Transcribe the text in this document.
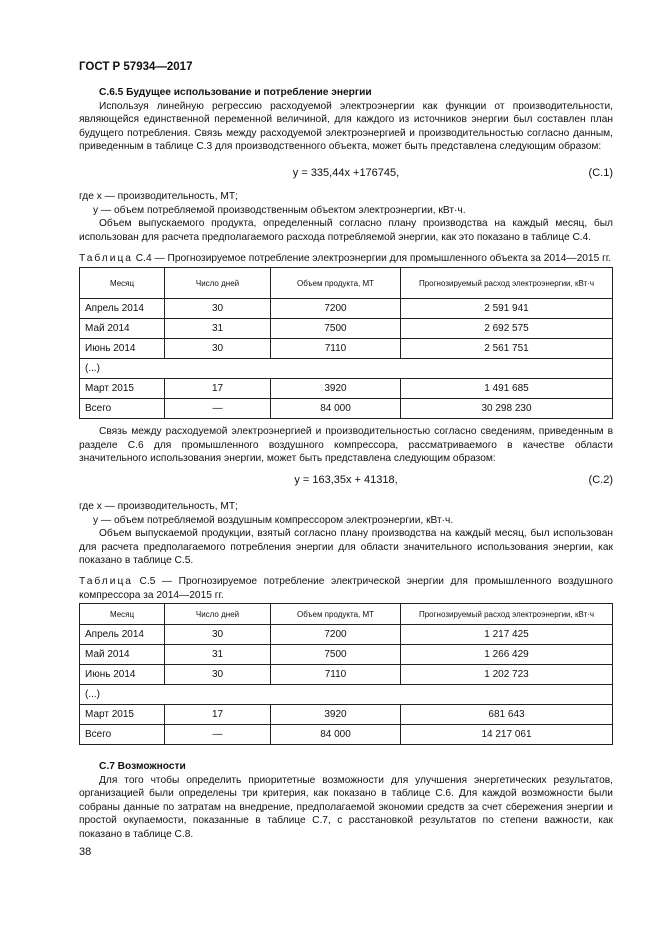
ГОСТ Р 57934—2017
С.6.5 Будущее использование и потребление энергии
Используя линейную регрессию расходуемой электроэнергии как функции от производительности, являющейся единственной переменной величиной, для каждого из источников энергии был составлен план будущего потребления. Связь между расходуемой электроэнергией и производительностью согласно данным, приведенным в таблице С.3 для производственного объекта, может быть представлена следующим образом:
y = 335,44x +176745,	(С.1)
где x — производительность, МТ;
y — объем потребляемой производственным объектом электроэнергии, кВт·ч.
Объем выпускаемого продукта, определенный согласно плану производства на каждый месяц, был использован для расчета предполагаемого расхода потребляемой энергии, как это показано в таблице С.4.
Таблица С.4 — Прогнозируемое потребление электроэнергии для промышленного объекта за 2014—2015 гг.
Месяц	Число дней	Объем продукта, МТ	Прогнозируемый расход электроэнергии, кВт·ч
Апрель 2014	30	7200	2 591 941
Май 2014	31	7500	2 692 575
Июнь 2014	30	7110	2 561 751
(...)			
Март 2015	17	3920	1 491 685
Всего	—	84 000	30 298 230
Связь между расходуемой электроэнергией и производительностью согласно сведениям, приведенным в разделе С.6 для промышленного воздушного компрессора, рассматриваемого в качестве области значительного использования энергии, может быть представлена следующим образом:
y = 163,35x + 41318,	(С.2)
где x — производительность, МТ;
y — объем потребляемой воздушным компрессором электроэнергии, кВт·ч.
Объем выпускаемой продукции, взятый согласно плану производства на каждый месяц, был использован для расчета предполагаемого потребления энергии для области значительного использования энергии, как показано в таблице С.5.
Таблица С.5 — Прогнозируемое потребление электрической энергии для промышленного воздушного компрессора за 2014—2015 гг.
Месяц	Число дней	Объем продукта, МТ	Прогнозируемый расход электроэнергии, кВт·ч
Апрель 2014	30	7200	1 217 425
Май 2014	31	7500	1 266 429
Июнь 2014	30	7110	1 202 723
(...)			
Март 2015	17	3920	681 643
Всего	—	84 000	14 217 061
С.7 Возможности
Для того чтобы определить приоритетные возможности для улучшения энергетических результатов, организацией были определены три критерия, как показано в таблице С.6. Для каждой возможности были собраны данные по затратам на внедрение, предполагаемой экономии средств за счет сбережения энергии и простой окупаемости, показанные в таблице С.7, с расстановкой результатов по степени важности, как показано в таблице С.8.
38
